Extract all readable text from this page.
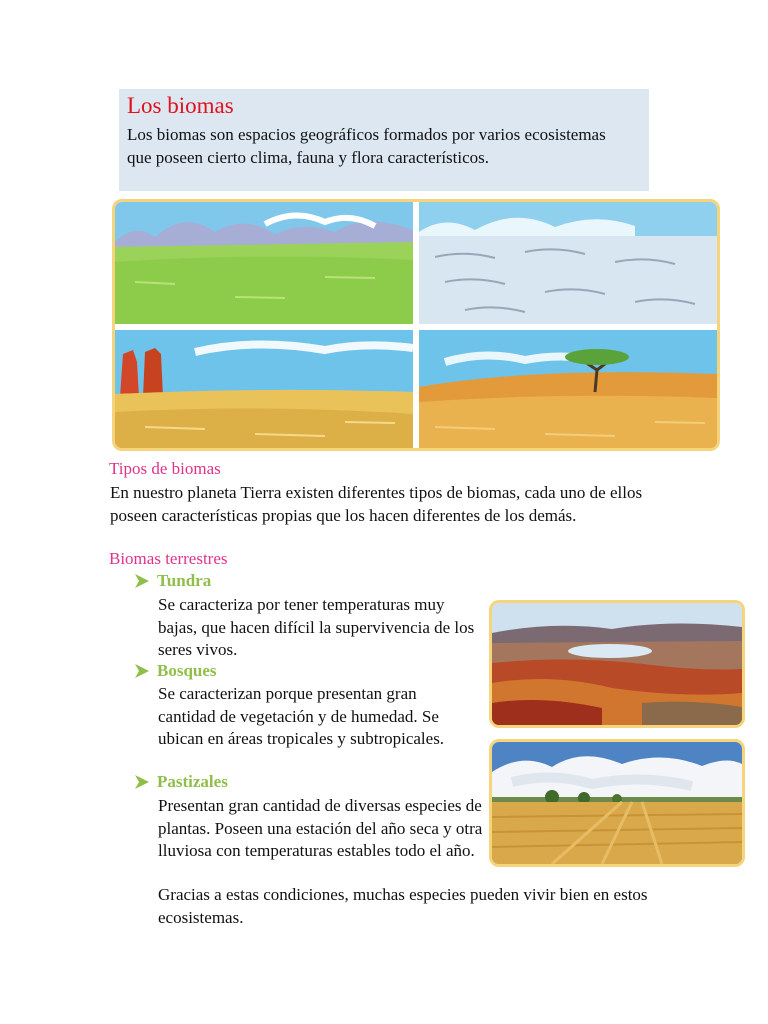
Los biomas

Los biomas son espacios geográficos formados por varios ecosistemas que poseen cierto clima, fauna y flora característicos.

Tipos de biomas

En nuestro planeta Tierra existen diferentes tipos de biomas, cada uno de ellos poseen características propias que los hacen diferentes de los demás.

Biomas terrestres
Tundra

Se caracteriza por tener temperaturas muy bajas, que hacen difícil la supervivencia de los seres vivos.

Bosques

Se caracterizan porque presentan gran cantidad de vegetación y de humedad. Se ubican en áreas tropicales y subtropicales.

Pastizales

Presentan gran cantidad de diversas especies de plantas. Poseen una estación del año seca y otra lluviosa con temperaturas estables todo el año.

Gracias a estas condiciones, muchas especies pueden vivir bien en estos ecosistemas.
